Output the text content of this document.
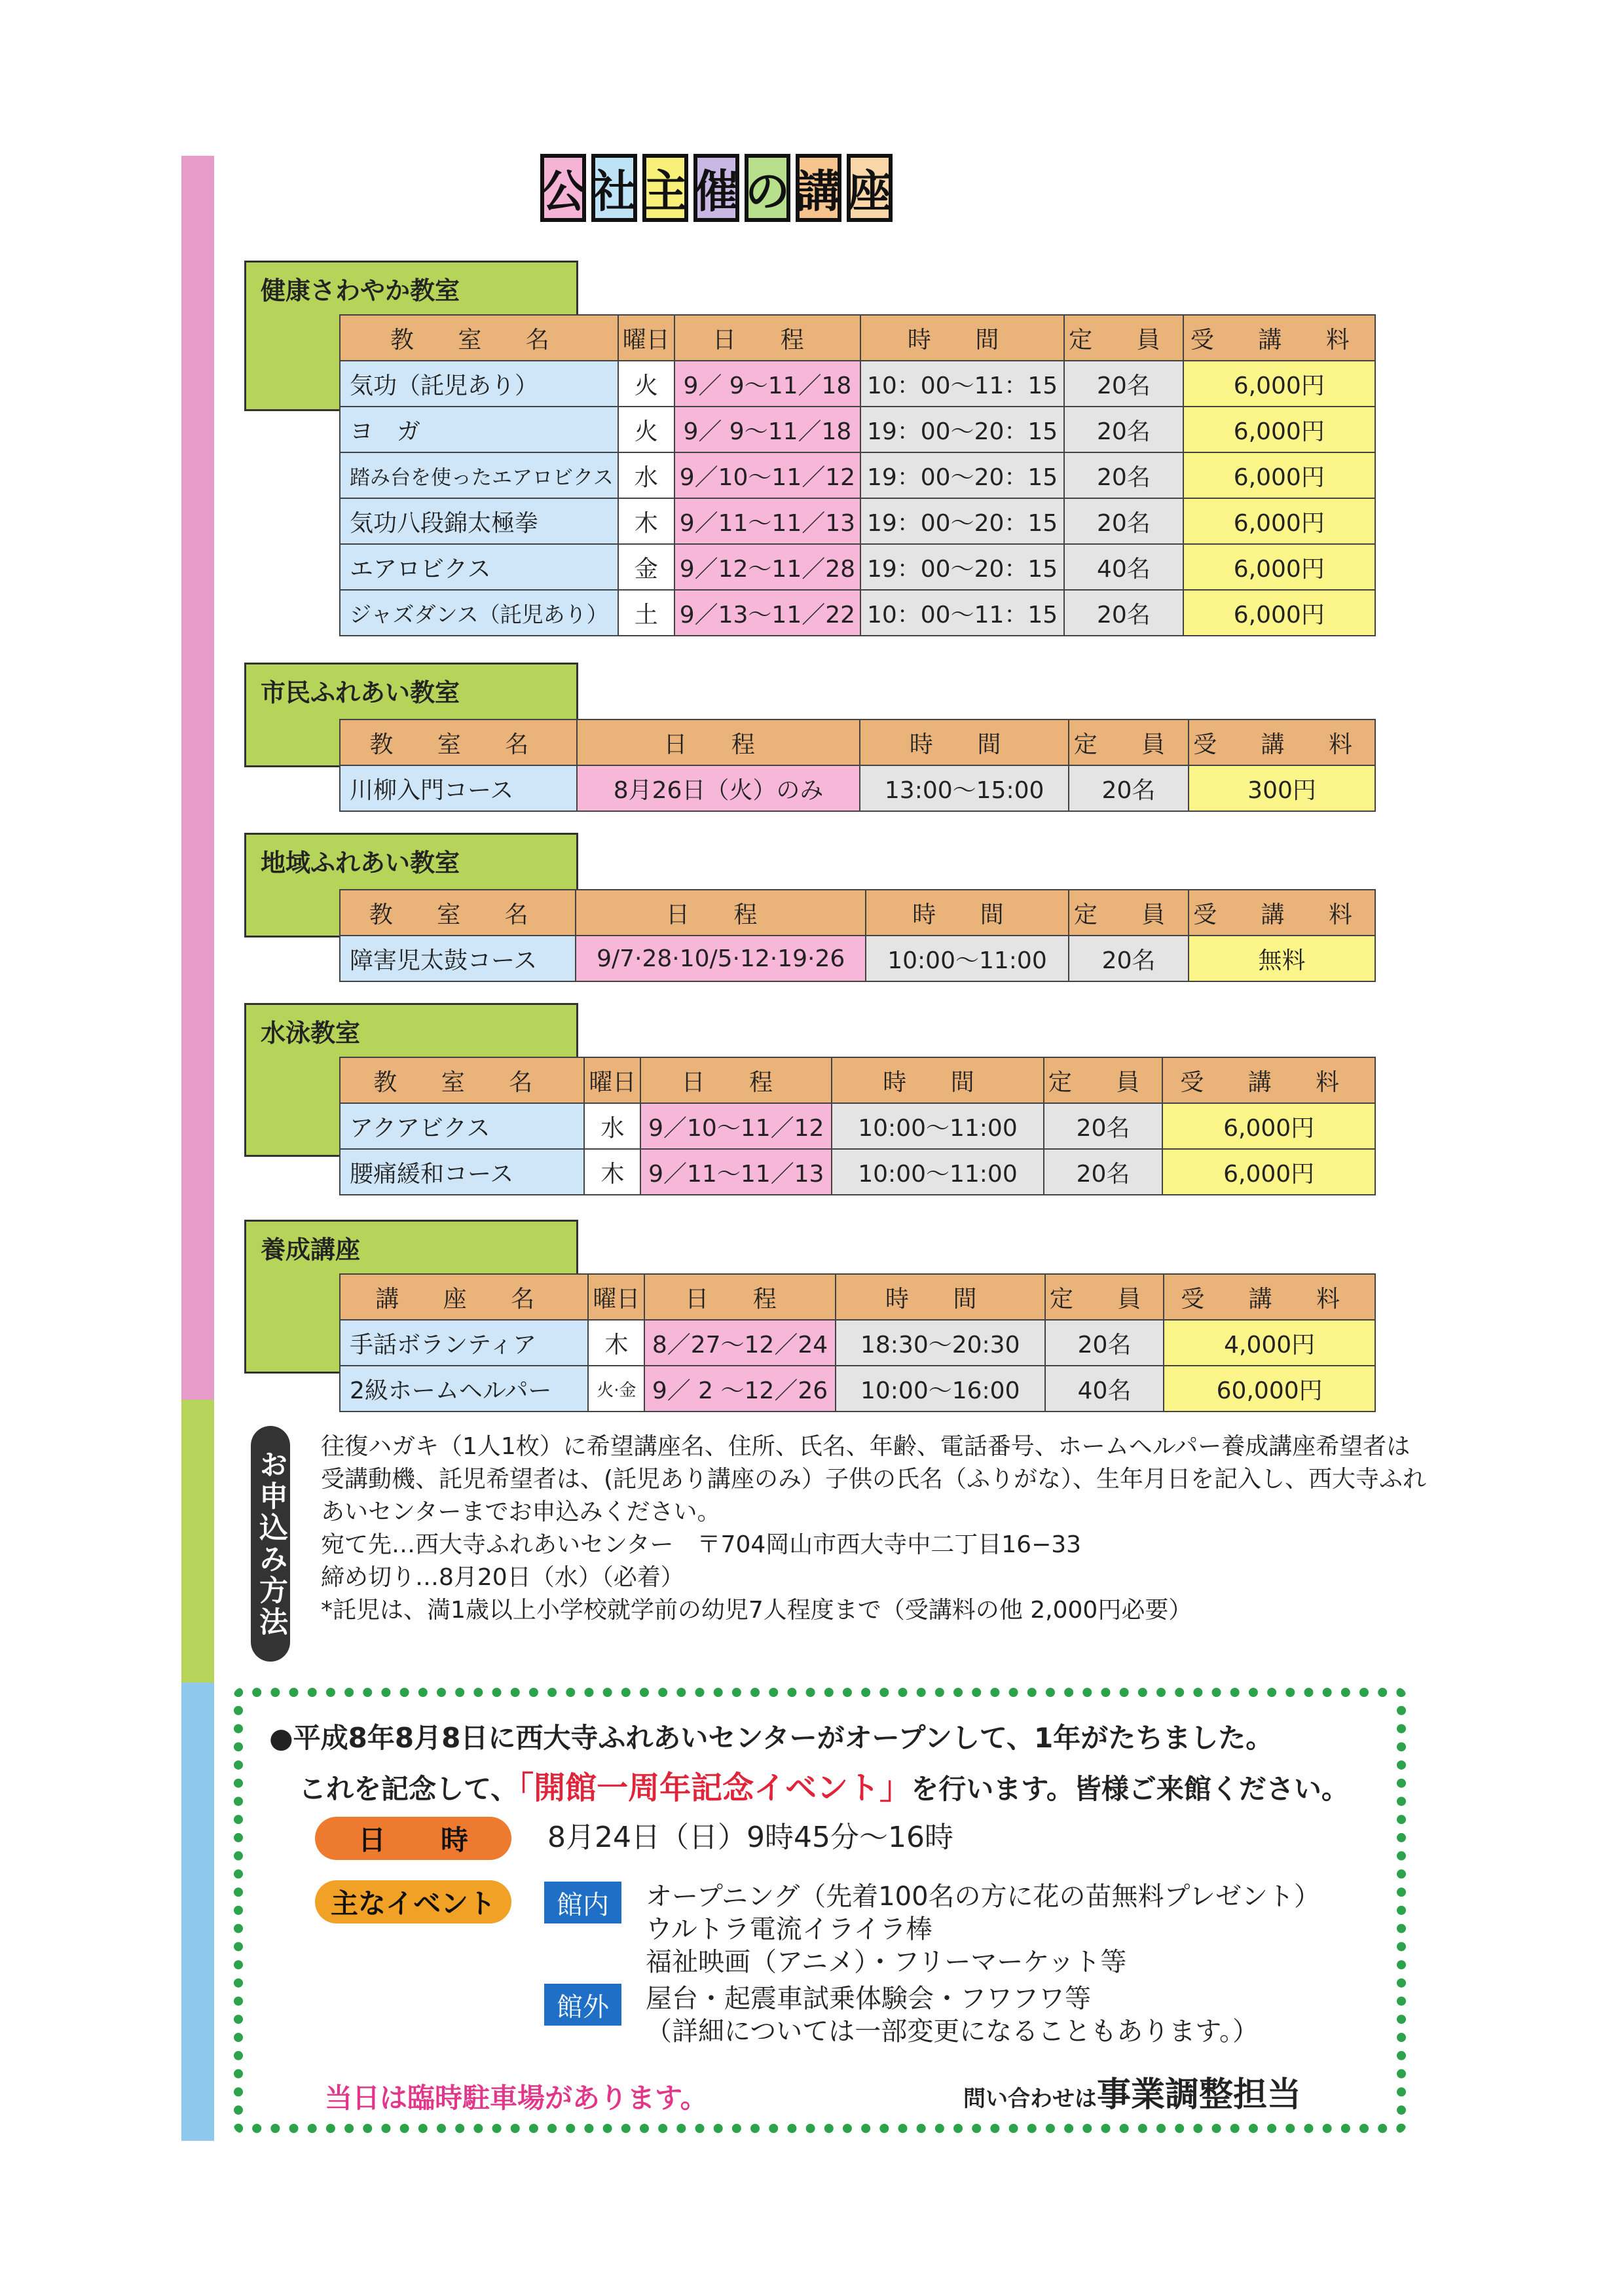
公 社 主 催 の 講 座
健康さわやか教室
教 室 名	曜日	日 程	時 間	定 員	受 講 料
気功（託児あり）	火	9／ 9〜11／18	10：00〜11：15	20名	6,000円
ヨ　ガ	火	9／ 9〜11／18	19：00〜20：15	20名	6,000円
踏み台を使ったエアロビクス	水	9／10〜11／12	19：00〜20：15	20名	6,000円
気功八段錦太極拳	木	9／11〜11／13	19：00〜20：15	20名	6,000円
エアロビクス	金	9／12〜11／28	19：00〜20：15	40名	6,000円
ジャズダンス（託児あり）	土	9／13〜11／22	10：00〜11：15	20名	6,000円
市民ふれあい教室
教 室 名	日 程	時 間	定 員	受 講 料
川柳入門コース	8月26日（火）のみ	13:00〜15:00	20名	300円
地域ふれあい教室
教 室 名	日 程	時 間	定 員	受 講 料
障害児太鼓コース	9/7·28·10/5·12·19·26	10:00〜11:00	20名	無料
水泳教室
教 室 名	曜日	日 程	時 間	定 員	受 講 料
アクアビクス	水	9／10〜11／12	10:00〜11:00	20名	6,000円
腰痛緩和コース	木	9／11〜11／13	10:00〜11:00	20名	6,000円
養成講座
講 座 名	曜日	日 程	時 間	定 員	受 講 料
手話ボランティア	木	8／27〜12／24	18:30〜20:30	20名	4,000円
2級ホームヘルパー	火·金	9／ 2 〜12／26	10:00〜16:00	40名	60,000円
お申込み方法
往復ハガキ（1人1枚）に希望講座名、住所、氏名、年齢、電話番号、ホームヘルパー養成講座希望者は
受講動機、託児希望者は、(託児あり講座のみ）子供の氏名（ふりがな）、生年月日を記入し、西大寺ふれ
あいセンターまでお申込みください。
宛て先…西大寺ふれあいセンター　〒704岡山市西大寺中二丁目16−33
締め切り…8月20日（水）（必着）
*託児は、満1歳以上小学校就学前の幼児7人程度まで（受講料の他 2,000円必要）
●平成8年8月8日に西大寺ふれあいセンターがオープンして、1年がたちました。
これを記念して、「開館一周年記念イベント」を行います。皆様ご来館ください。
日　　時	8月24日（日）9時45分〜16時
主なイベント	館内	オープニング（先着100名の方に花の苗無料プレゼント）
ウルトラ電流イライラ棒
福祉映画（アニメ）・フリーマーケット等
館外	屋台・起震車試乗体験会・フワフワ等
（詳細については一部変更になることもあります。）
当日は臨時駐車場があります。	問い合わせは事業調整担当
